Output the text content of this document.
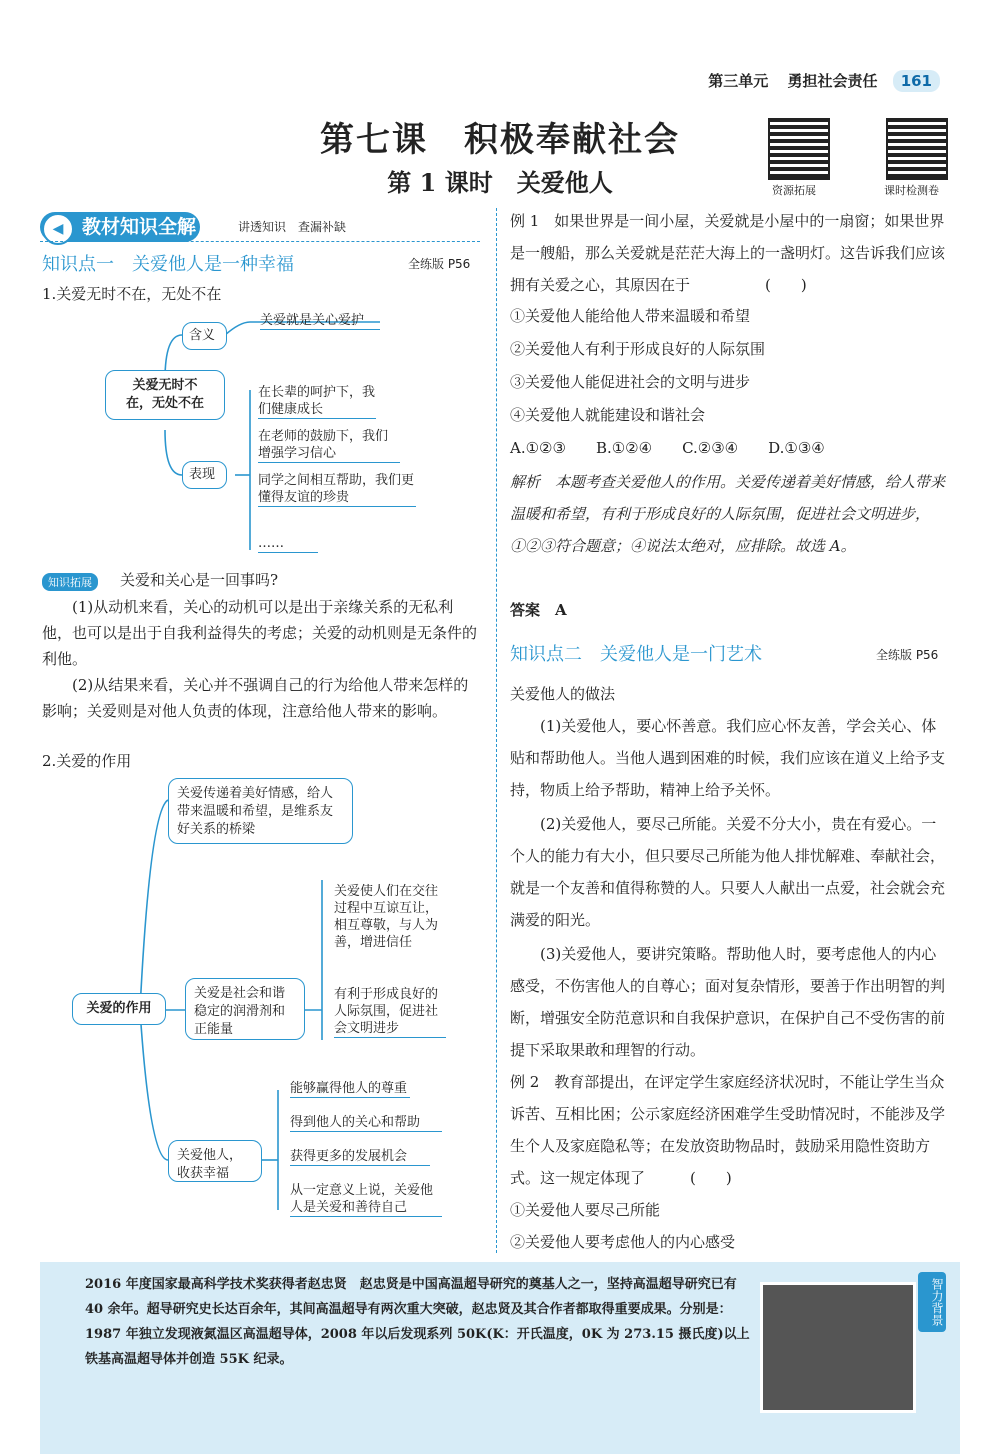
第三单元 勇担社会责任 161
第七课　积极奉献社会
第 1 课时　关爱他人	资源拓展	课时检测卷
教材知识全解
◀	讲透知识　查漏补缺
知识点一　关爱他人是一种幸福	全练版 P56
1.关爱无时不在，无处不在
关爱无时不
在，无处不在
含义
关爱就是关心爱护
表现
在长辈的呵护下，我们健康成长
在老师的鼓励下，我们增强学习信心
同学之间相互帮助，我们更懂得友谊的珍贵
……
知识拓展	关爱和关心是一回事吗?
(1)从动机来看，关心的动机可以是出于亲缘关系的无私利他，也可以是出于自我利益得失的考虑；关爱的动机则是无条件的利他。
(2)从结果来看，关心并不强调自己的行为给他人带来怎样的影响；关爱则是对他人负责的体现，注意给他人带来的影响。
2.关爱的作用
关爱的作用
关爱传递着美好情感，给人带来温暖和希望，是维系友好关系的桥梁
关爱是社会和谐稳定的润滑剂和正能量
关爱使人们在交往过程中互谅互让，相互尊敬，与人为善，增进信任
有利于形成良好的人际氛围，促进社会文明进步
关爱他人，收获幸福
能够赢得他人的尊重
得到他人的关心和帮助
获得更多的发展机会
从一定意义上说，关爱他人是关爱和善待自己
例 1　如果世界是一间小屋，关爱就是小屋中的一扇窗；如果世界是一艘船，那么关爱就是茫茫大海上的一盏明灯。这告诉我们应该拥有关爱之心，其原因在于　　　　　(　　)
①关爱他人能给他人带来温暖和希望
②关爱他人有利于形成良好的人际氛围
③关爱他人能促进社会的文明与进步
④关爱他人就能建设和谐社会
A.①②③　　B.①②④　　C.②③④　　D.①③④
解析　本题考查关爱他人的作用。关爱传递着美好情感，给人带来温暖和希望，有利于形成良好的人际氛围，促进社会文明进步，①②③符合题意；④说法太绝对，应排除。故选 A。
答案　A
知识点二　关爱他人是一门艺术	全练版 P56
关爱他人的做法
(1)关爱他人，要心怀善意。我们应心怀友善，学会关心、体贴和帮助他人。当他人遇到困难的时候，我们应该在道义上给予支持，物质上给予帮助，精神上给予关怀。
(2)关爱他人，要尽己所能。关爱不分大小，贵在有爱心。一个人的能力有大小，但只要尽己所能为他人排忧解难、奉献社会，就是一个友善和值得称赞的人。只要人人献出一点爱，社会就会充满爱的阳光。
(3)关爱他人，要讲究策略。帮助他人时，要考虑他人的内心感受，不伤害他人的自尊心；面对复杂情形，要善于作出明智的判断，增强安全防范意识和自我保护意识，在保护自己不受伤害的前提下采取果敢和理智的行动。
例 2　教育部提出，在评定学生家庭经济状况时，不能让学生当众诉苦、互相比困；公示家庭经济困难学生受助情况时，不能涉及学生个人及家庭隐私等；在发放资助物品时，鼓励采用隐性资助方式。这一规定体现了　　　(　　)
①关爱他人要尽己所能
②关爱他人要考虑他人的内心感受
2016 年度国家最高科学技术奖获得者赵忠贤　赵忠贤是中国高温超导研究的奠基人之一，坚持高温超导研究已有 40 余年。超导研究史长达百余年，其间高温超导有两次重大突破，赵忠贤及其合作者都取得重要成果。分别是：1987 年独立发现液氮温区高温超导体，2008 年以后发现系列 50K(K：开氏温度，0K 为 273.15 摄氏度)以上铁基高温超导体并创造 55K 纪录。
智力背景
